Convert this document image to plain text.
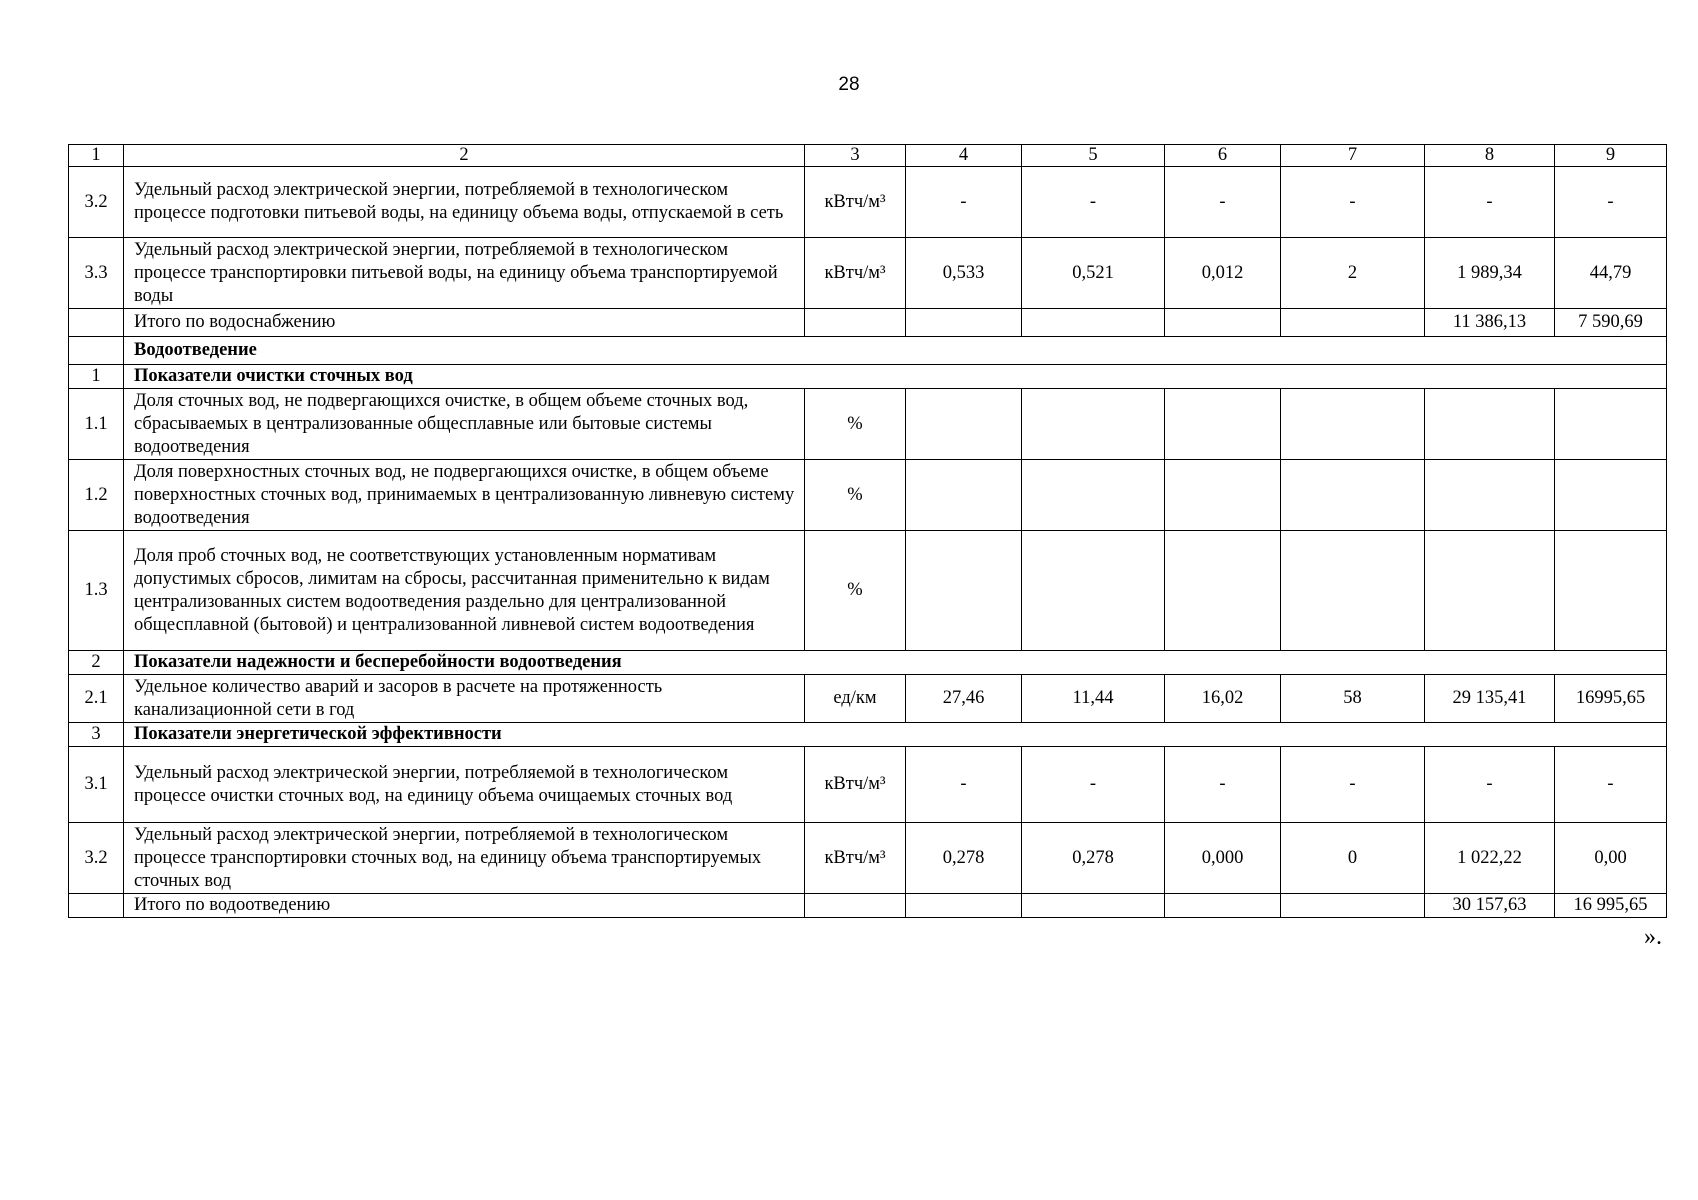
28
1	2	3	4	5	6	7	8	9
3.2	Удельный расход электрической энергии, потребляемой в технологическом процессе подготовки питьевой воды, на единицу объема воды, отпускаемой в сеть	кВтч/м³	-	-	-	-	-	-
3.3	Удельный расход электрической энергии, потребляемой в технологическом процессе транспортировки питьевой воды, на единицу объема транспортируемой воды	кВтч/м³	0,533	0,521	0,012	2	1 989,34	44,79
	Итого по водоснабжению						11 386,13	7 590,69
	Водоотведение							
1	Показатели очистки сточных вод							
1.1	Доля сточных вод, не подвергающихся очистке, в общем объеме сточных вод, сбрасываемых в централизованные общесплавные или бытовые системы водоотведения	%						
1.2	Доля поверхностных сточных вод, не подвергающихся очистке, в общем объеме поверхностных сточных вод, принимаемых в централизованную ливневую систему водоотведения	%						
1.3	Доля проб сточных вод, не соответствующих установленным нормативам допустимых сбросов, лимитам на сбросы, рассчитанная применительно к видам централизованных систем водоотведения раздельно для централизованной общесплавной (бытовой) и централизованной ливневой систем водоотведения	%						
2	Показатели надежности и бесперебойности водоотведения							
2.1	Удельное количество аварий и засоров в расчете на протяженность канализационной сети в год	ед/км	27,46	11,44	16,02	58	29 135,41	16995,65
3	Показатели энергетической эффективности							
3.1	Удельный расход электрической энергии, потребляемой в технологическом процессе очистки сточных вод, на единицу объема очищаемых сточных вод	кВтч/м³	-	-	-	-	-	-
3.2	Удельный расход электрической энергии, потребляемой в технологическом процессе транспортировки сточных вод, на единицу объема транспортируемых сточных вод	кВтч/м³	0,278	0,278	0,000	0	1 022,22	0,00
	Итого по водоотведению						30 157,63	16 995,65
».
